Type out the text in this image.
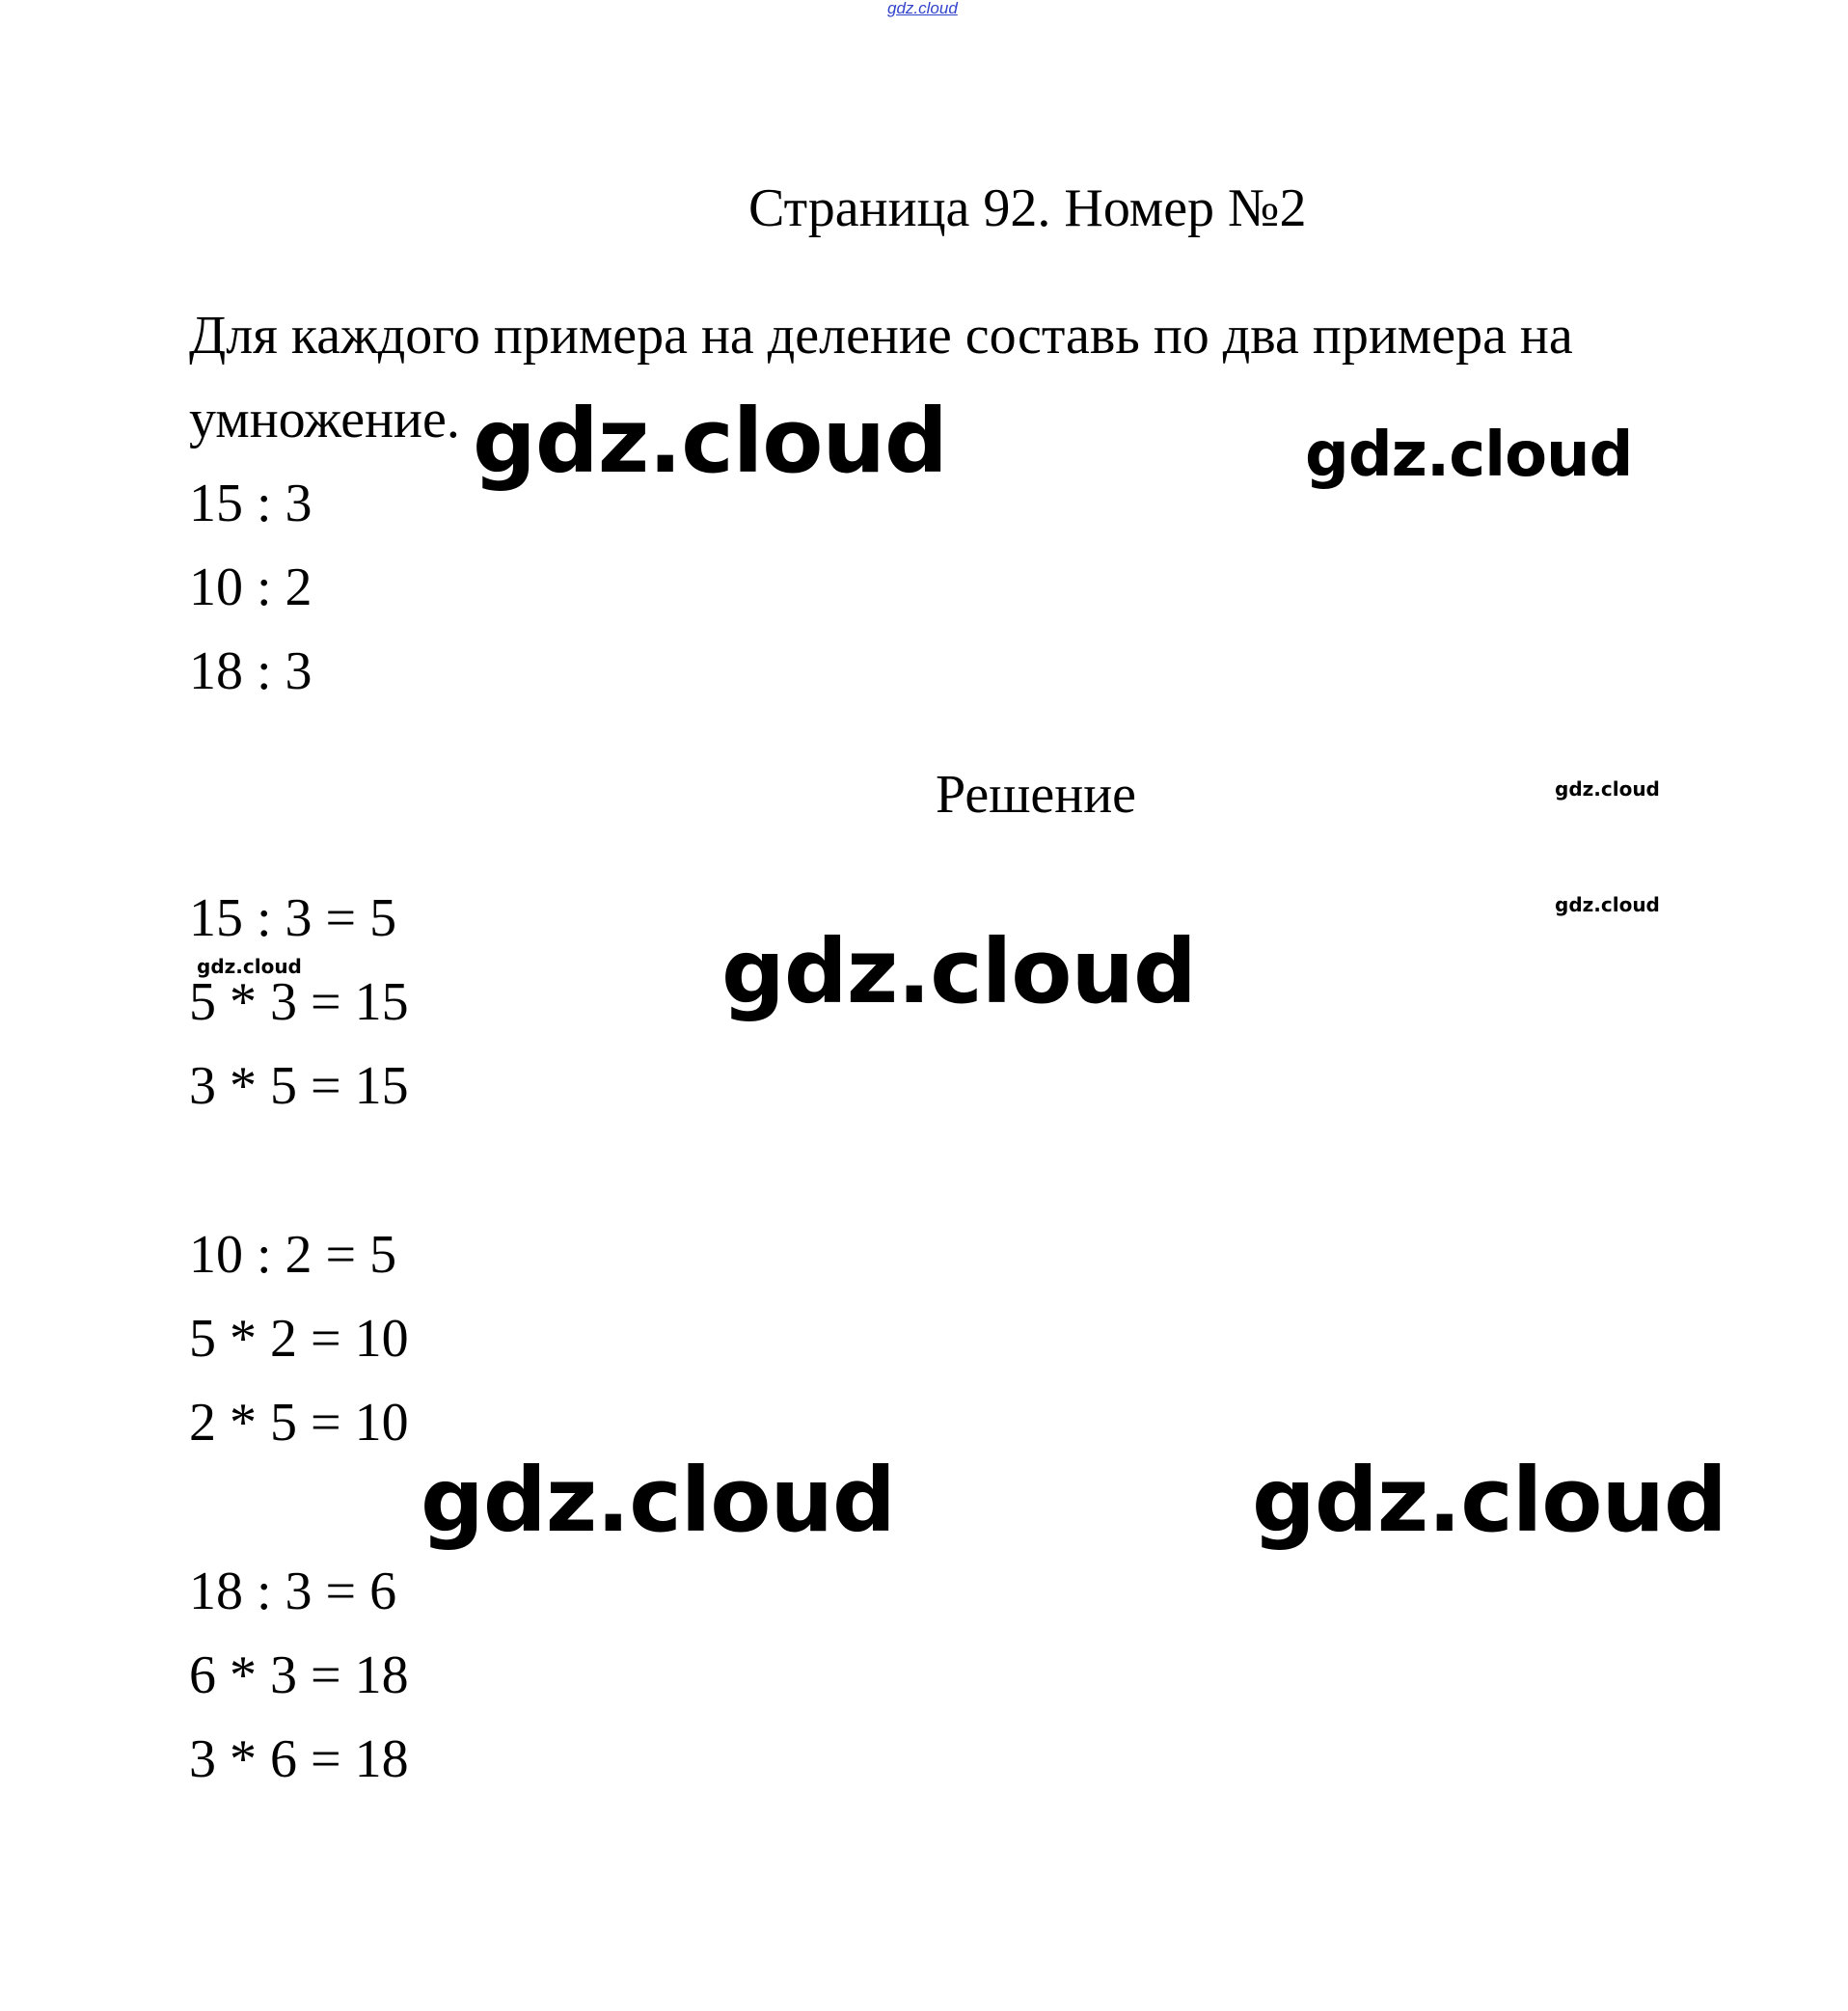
gdz.cloud
Страница 92. Номер №2
Для каждого примера на деление составь по два примера на
умножение.
15 : 3
10 : 2
18 : 3
Решение
15 : 3 = 5
5 * 3 = 15
3 * 5 = 15
10 : 2 = 5
5 * 2 = 10
2 * 5 = 10
18 : 3 = 6
6 * 3 = 18
3 * 6 = 18
gdz.cloud	gdz.cloud
gdz.cloud
gdz.cloud
gdz.cloud	gdz.cloud
gdz.cloud	gdz.cloud
